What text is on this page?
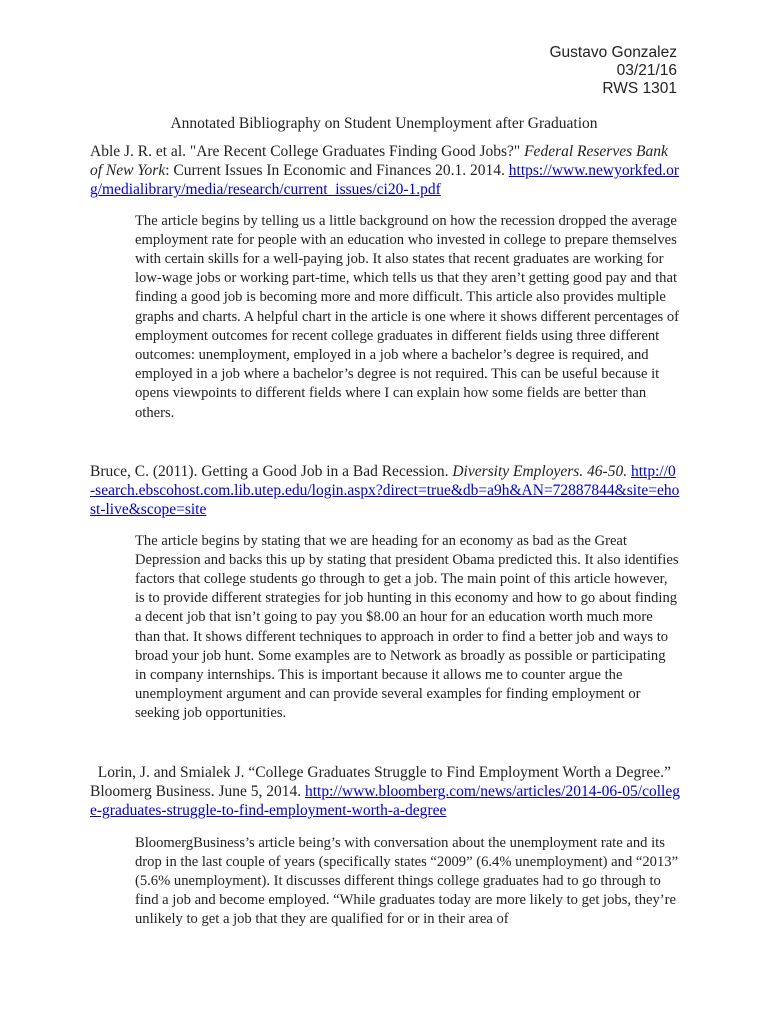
Gustavo Gonzalez
03/21/16
RWS 1301
Annotated Bibliography on Student Unemployment after Graduation
Able J. R. et al. "Are Recent College Graduates Finding Good Jobs?" Federal Reserves Bank of New York: Current Issues In Economic and Finances 20.1. 2014. https://www.newyorkfed.org/medialibrary/media/research/current_issues/ci20-1.pdf
The article begins by telling us a little background on how the recession dropped the average employment rate for people with an education who invested in college to prepare themselves with certain skills for a well-paying job. It also states that recent graduates are working for low-wage jobs or working part-time, which tells us that they aren’t getting good pay and that finding a good job is becoming more and more difficult. This article also provides multiple graphs and charts. A helpful chart in the article is one where it shows different percentages of employment outcomes for recent college graduates in different fields using three different outcomes: unemployment, employed in a job where a bachelor’s degree is required, and employed in a job where a bachelor’s degree is not required. This can be useful because it opens viewpoints to different fields where I can explain how some fields are better than others.
Bruce, C. (2011). Getting a Good Job in a Bad Recession. Diversity Employers. 46-50. http://0-search.ebscohost.com.lib.utep.edu/login.aspx?direct=true&db=a9h&AN=72887844&site=ehost-live&scope=site
The article begins by stating that we are heading for an economy as bad as the Great Depression and backs this up by stating that president Obama predicted this. It also identifies factors that college students go through to get a job. The main point of this article however, is to provide different strategies for job hunting in this economy and how to go about finding a decent job that isn’t going to pay you $8.00 an hour for an education worth much more than that. It shows different techniques to approach in order to find a better job and ways to broad your job hunt. Some examples are to Network as broadly as possible or participating in company internships. This is important because it allows me to counter argue the unemployment argument and can provide several examples for finding employment or seeking job opportunities.
Lorin, J. and Smialek J. “College Graduates Struggle to Find Employment Worth a Degree.” Bloomerg Business. June 5, 2014. http://www.bloomberg.com/news/articles/2014-06-05/college-graduates-struggle-to-find-employment-worth-a-degree
BloomergBusiness’s article being’s with conversation about the unemployment rate and its drop in the last couple of years (specifically states “2009” (6.4% unemployment) and “2013” (5.6% unemployment). It discusses different things college graduates had to go through to find a job and become employed. “While graduates today are more likely to get jobs, they’re unlikely to get a job that they are qualified for or in their area of
